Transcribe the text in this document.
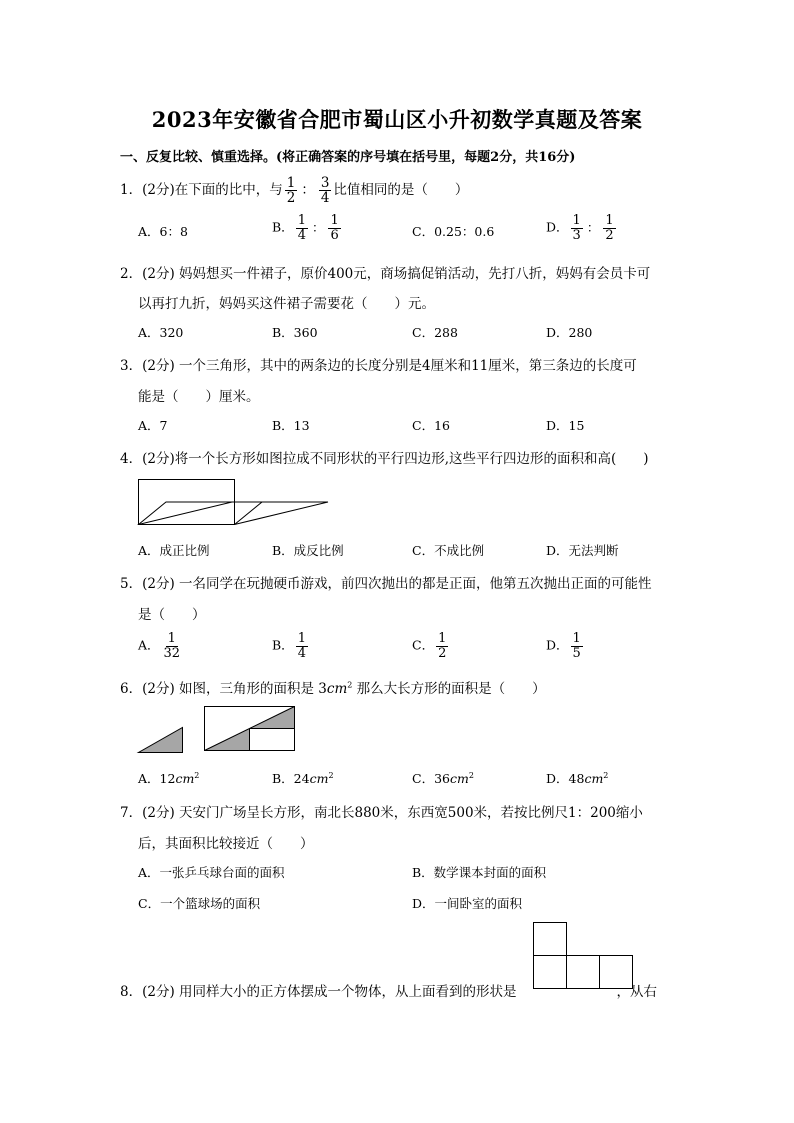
2023年安徽省合肥市蜀山区小升初数学真题及答案
一、反复比较、慎重选择。(将正确答案的序号填在括号里，每题2分，共16分)
1．(2分)在下面的比中，与 $\frac{1}{2}$ ： $\frac{3}{4}$ 比值相同的是（　　）
A．6：8	B． $\frac{1}{4}$ ： $\frac{1}{6}$	C．0.25：0.6	D． $\frac{1}{3}$ ： $\frac{1}{2}$
2．(2分) 妈妈想买一件裙子，原价400元，商场搞促销活动，先打八折，妈妈有会员卡可
以再打九折，妈妈买这件裙子需要花（　　）元。
A．320	B．360	C．288	D．280
3．(2分) 一个三角形，其中的两条边的长度分别是4厘米和11厘米，第三条边的长度可
能是（　　）厘米。
A．7	B．13	C．16	D．15
4．(2分)将一个长方形如图拉成不同形状的平行四边形,这些平行四边形的面积和高(　　)
A．成正比例	B．成反比例	C．不成比例	D．无法判断
5．(2分) 一名同学在玩抛硬币游戏，前四次抛出的都是正面，他第五次抛出正面的可能性
是（　　）
A． $\frac{1}{32}$	B． $\frac{1}{4}$	C． $\frac{1}{2}$	D． $\frac{1}{5}$
6．(2分) 如图，三角形的面积是 $3cm^2$ 那么大长方形的面积是（　　）
A．$12cm^2$	B．$24cm^2$	C．$36cm^2$	D．$48cm^2$
7．(2分) 天安门广场呈长方形，南北长880米，东西宽500米，若按比例尺1：200缩小
后，其面积比较接近（　　）
A．一张乒乓球台面的面积	B．数学课本封面的面积
C．一个篮球场的面积	D．一间卧室的面积
8．(2分) 用同样大小的正方体摆成一个物体，从上面看到的形状是	，从右
